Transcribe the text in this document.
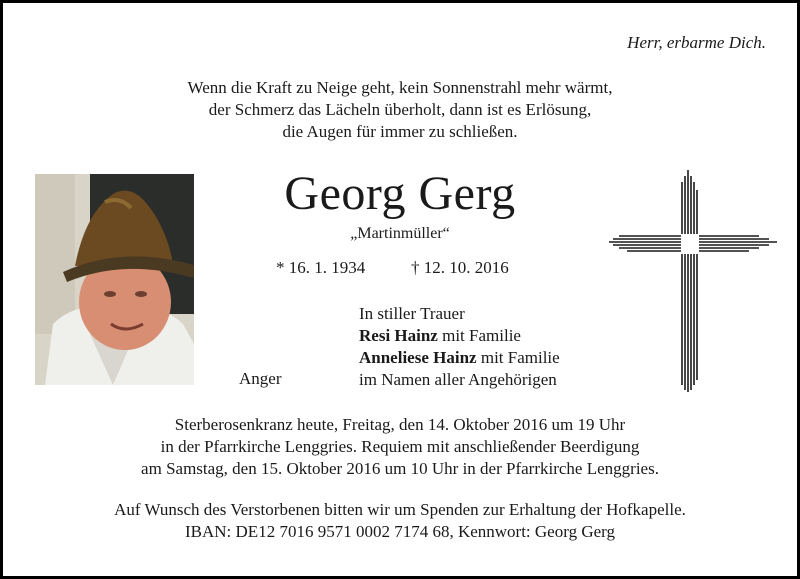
Herr, erbarme Dich.
Wenn die Kraft zu Neige geht, kein Sonnenstrahl mehr wärmt,
der Schmerz das Lächeln überholt, dann ist es Erlösung,
die Augen für immer zu schließen.
Georg Gerg
„Martinmüller“
* 16. 1. 1934	† 12. 10. 2016
In stiller Trauer
Resi Hainz mit Familie
Anneliese Hainz mit Familie
im Namen aller Angehörigen
Anger
Sterberosenkranz heute, Freitag, den 14. Oktober 2016 um 19 Uhr
in der Pfarrkirche Lenggries. Requiem mit anschließender Beerdigung
am Samstag, den 15. Oktober 2016 um 10 Uhr in der Pfarrkirche Lenggries.
Auf Wunsch des Verstorbenen bitten wir um Spenden zur Erhaltung der Hofkapelle.
IBAN: DE12 7016 9571 0002 7174 68, Kennwort: Georg Gerg
